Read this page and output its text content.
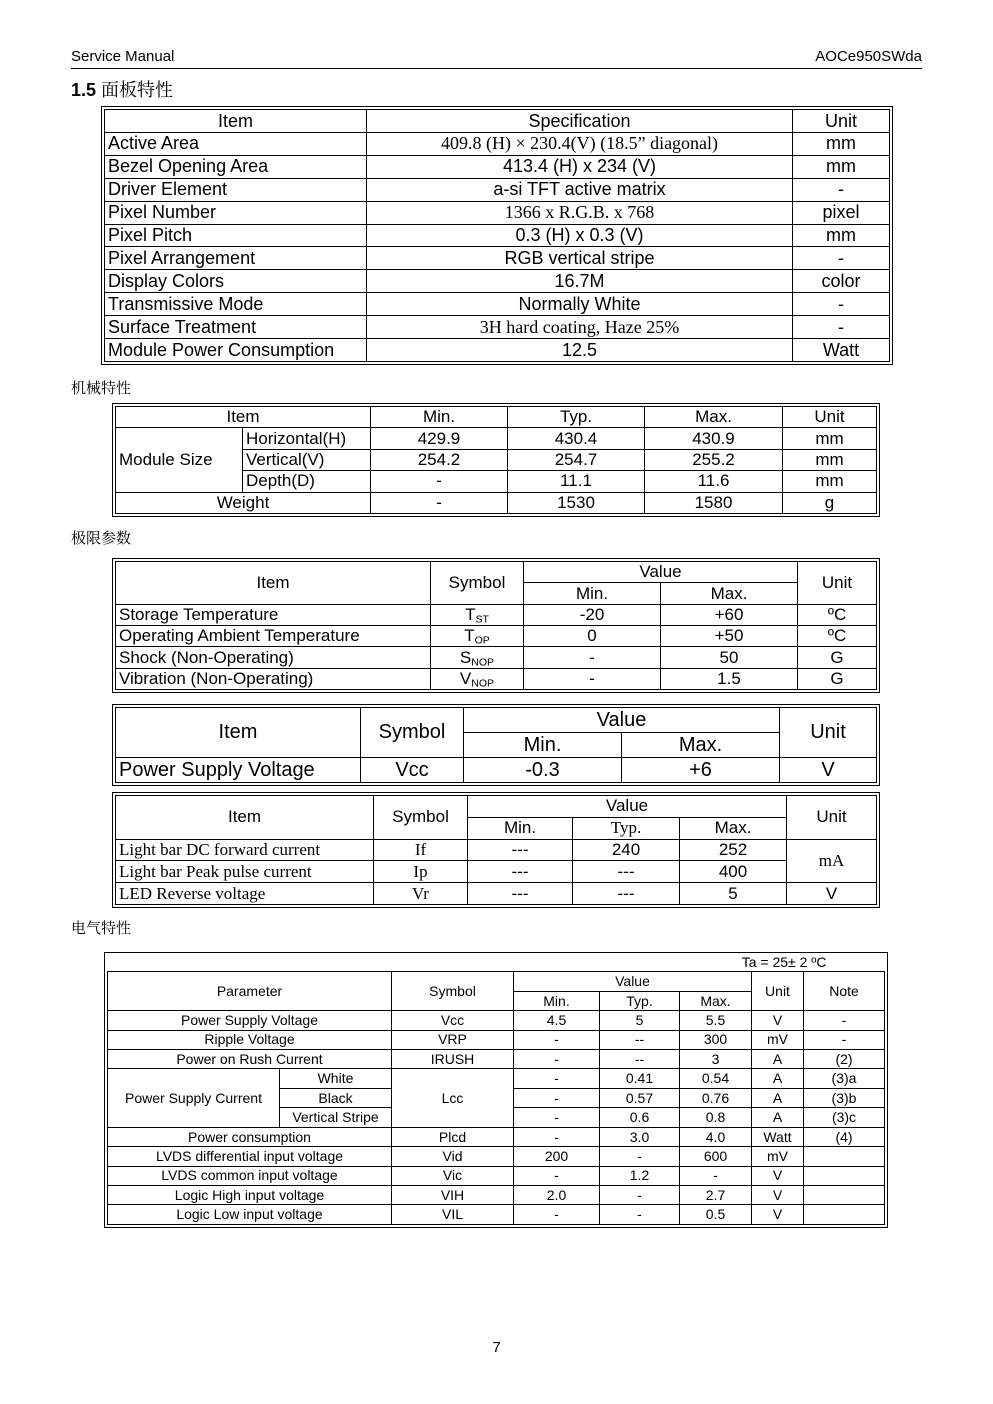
Service Manual	AOCe950SWda
1.5 面板特性
Item	Specification	Unit
Active Area	409.8 (H) × 230.4(V) (18.5” diagonal)	mm
Bezel Opening Area	413.4 (H) x 234 (V)	mm
Driver Element	a-si TFT active matrix	-
Pixel Number	1366 x R.G.B. x 768	pixel
Pixel Pitch	0.3 (H) x 0.3 (V)	mm
Pixel Arrangement	RGB vertical stripe	-
Display Colors	16.7M	color
Transmissive Mode	Normally White	-
Surface Treatment	3H hard coating, Haze 25%	-
Module Power Consumption	12.5	Watt
机械特性
Item		Min.	Typ.	Max.	Unit
Module Size	Horizontal(H)	429.9	430.4	430.9	mm
	Vertical(V)	254.2	254.7	255.2	mm
	Depth(D)	-	11.1	11.6	mm
Weight		-	1530	1580	g
极限参数
Item	Symbol	Value		Unit
		Min.	Max.	
Storage Temperature	$T_{ST}$	-20	+60	ºC
Operating Ambient Temperature	$T_{OP}$	0	+50	ºC
Shock (Non-Operating)	$S_{NOP}$	-	50	G
Vibration (Non-Operating)	$V_{NOP}$	-	1.5	G
Item	Symbol	Value		Unit
		Min.	Max.	
Power Supply Voltage	Vcc	-0.3	+6	V
Item	Symbol	Value			Unit
		Min.	Typ.	Max.	
Light bar DC forward current	If	---	240	252	mA
Light bar Peak pulse current	Ip	---	---	400	
LED Reverse voltage	Vr	---	---	5	V
电气特性
Ta = 25± 2 ºC							
Parameter		Symbol	Value			Unit	Note
			Min.	Typ.	Max.		
Power Supply Voltage		Vcc	4.5	5	5.5	V	-
Ripple Voltage		VRP	-	--	300	mV	-
Power on Rush Current		IRUSH	-	--	3	A	(2)
Power Supply Current	White	Lcc	-	0.41	0.54	A	(3)a
	Black		-	0.57	0.76	A	(3)b
	Vertical Stripe		-	0.6	0.8	A	(3)c
Power consumption		Plcd	-	3.0	4.0	Watt	(4)
LVDS differential input voltage		Vid	200	-	600	mV	
LVDS common input voltage		Vic	-	1.2	-	V	
Logic High input voltage		VIH	2.0	-	2.7	V	
Logic Low input voltage		VIL	-	-	0.5	V	
7
